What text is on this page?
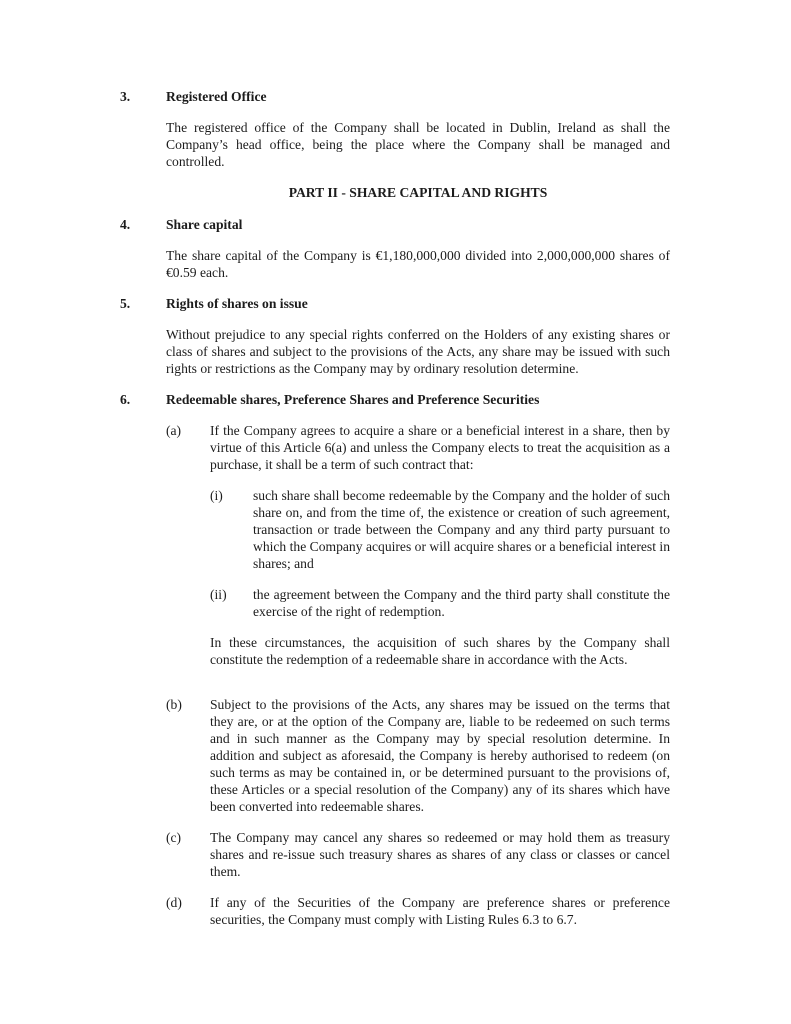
3.	Registered Office

The registered office of the Company shall be located in Dublin, Ireland as shall the Company’s head office, being the place where the Company shall be managed and controlled.

PART II - SHARE CAPITAL AND RIGHTS
4.	Share capital

The share capital of the Company is €1,180,000,000 divided into 2,000,000,000 shares of €0.59 each.

5.	Rights of shares on issue

Without prejudice to any special rights conferred on the Holders of any existing shares or class of shares and subject to the provisions of the Acts, any share may be issued with such rights or restrictions as the Company may by ordinary resolution determine.

6.	Redeemable shares, Preference Shares and Preference Securities
(a)	If the Company agrees to acquire a share or a beneficial interest in a share, then by virtue of this Article 6(a) and unless the Company elects to treat the acquisition as a purchase, it shall be a term of such contract that:
(i)	such share shall become redeemable by the Company and the holder of such share on, and from the time of, the existence or creation of such agreement, transaction or trade between the Company and any third party pursuant to which the Company acquires or will acquire shares or a beneficial interest in shares; and
(ii)	the agreement between the Company and the third party shall constitute the exercise of the right of redemption.

In these circumstances, the acquisition of such shares by the Company shall constitute the redemption of a redeemable share in accordance with the Acts.

(b)	Subject to the provisions of the Acts, any shares may be issued on the terms that they are, or at the option of the Company are, liable to be redeemed on such terms and in such manner as the Company may by special resolution determine. In addition and subject as aforesaid, the Company is hereby authorised to redeem (on such terms as may be contained in, or be determined pursuant to the provisions of, these Articles or a special resolution of the Company) any of its shares which have been converted into redeemable shares.
(c)	The Company may cancel any shares so redeemed or may hold them as treasury shares and re-issue such treasury shares as shares of any class or classes or cancel them.
(d)	If any of the Securities of the Company are preference shares or preference securities, the Company must comply with Listing Rules 6.3 to 6.7.
